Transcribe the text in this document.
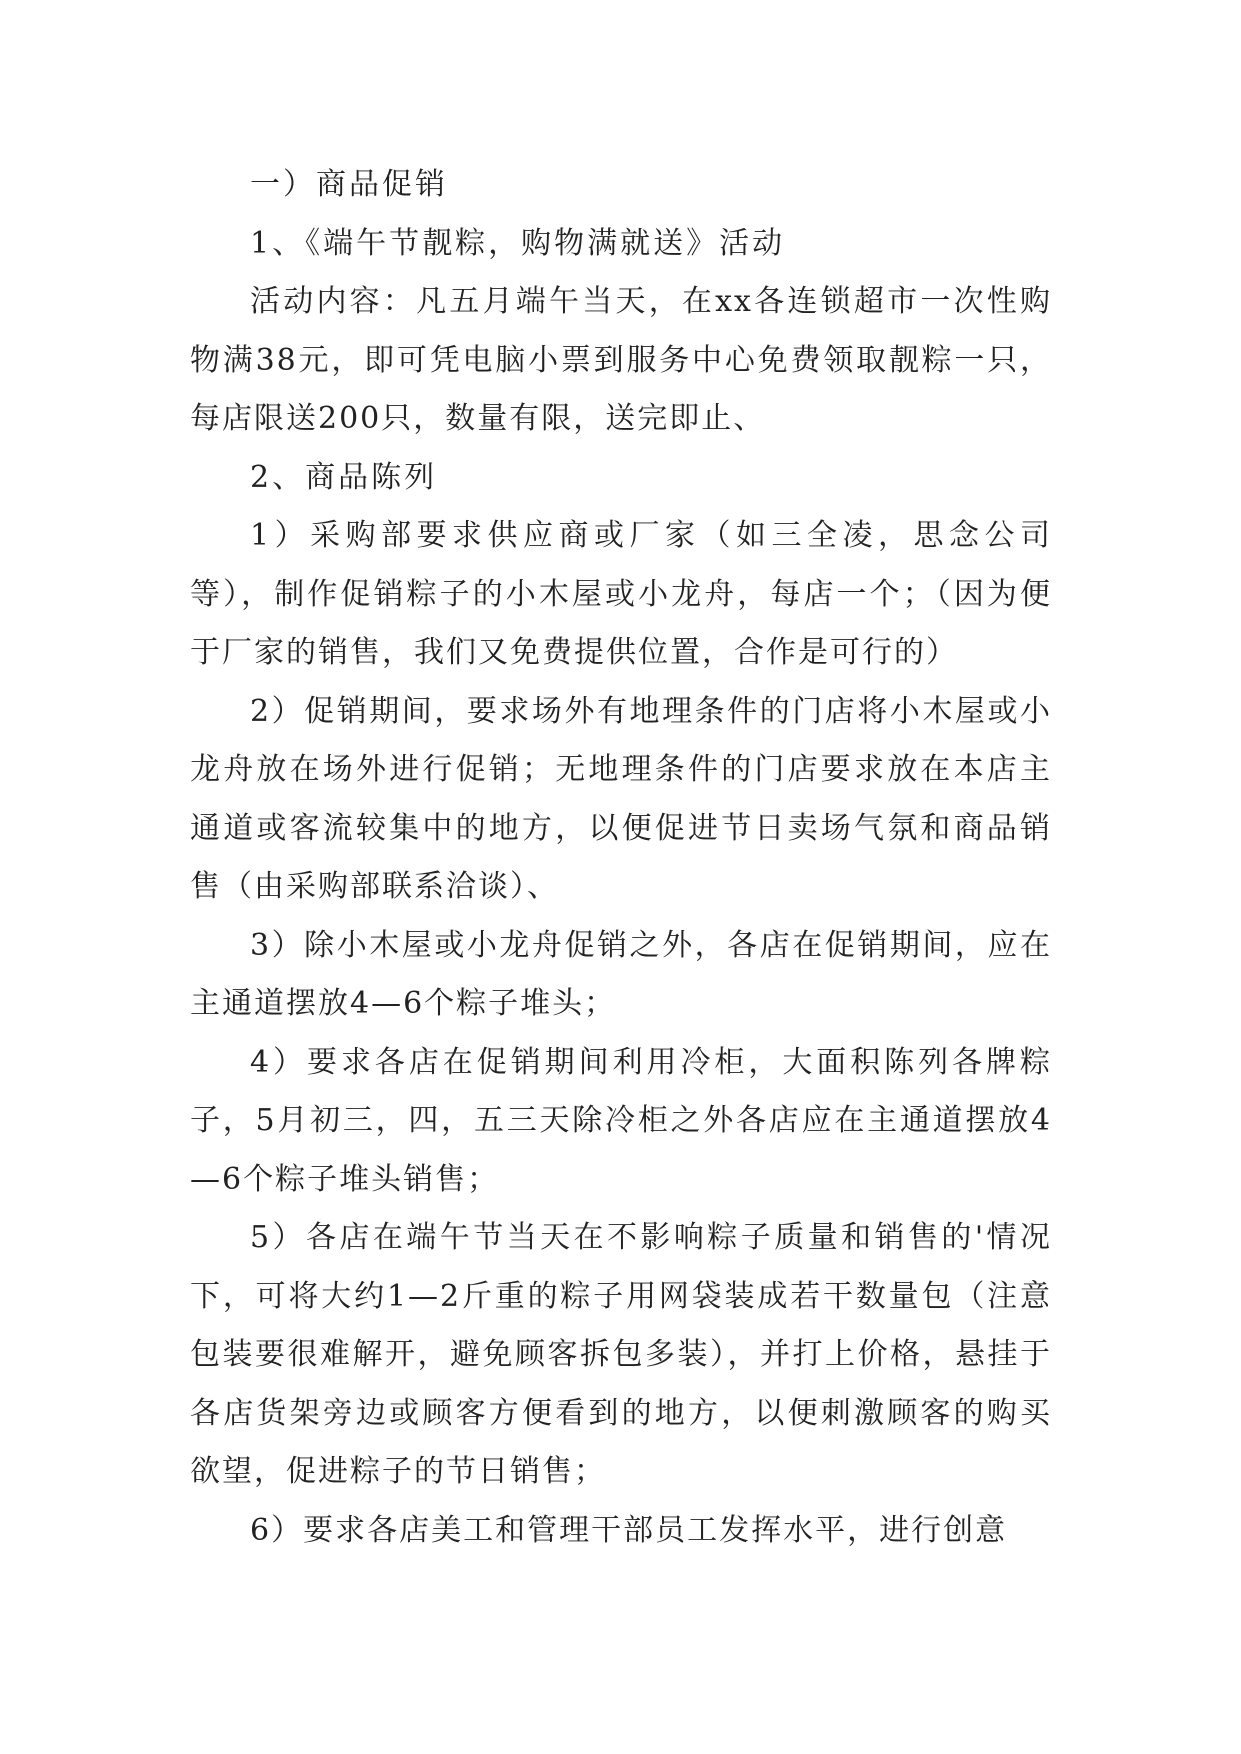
一）商品促销

1、《端午节靓粽，购物满就送》活动

活动内容：凡五月端午当天，在xx各连锁超市一次性购物满38元，即可凭电脑小票到服务中心免费领取靓粽一只，每店限送200只，数量有限，送完即止、

2、商品陈列

1）采购部要求供应商或厂家（如三全凌，思念公司等），制作促销粽子的小木屋或小龙舟，每店一个；（因为便于厂家的销售，我们又免费提供位置，合作是可行的）

2）促销期间，要求场外有地理条件的门店将小木屋或小龙舟放在场外进行促销；无地理条件的门店要求放在本店主通道或客流较集中的地方，以便促进节日卖场气氛和商品销售（由采购部联系洽谈）、

3）除小木屋或小龙舟促销之外，各店在促销期间，应在主通道摆放4—6个粽子堆头；

4）要求各店在促销期间利用冷柜，大面积陈列各牌粽子，5月初三，四，五三天除冷柜之外各店应在主通道摆放4—6个粽子堆头销售；

5）各店在端午节当天在不影响粽子质量和销售的'情况下，可将大约1—2斤重的粽子用网袋装成若干数量包（注意包装要很难解开，避免顾客拆包多装），并打上价格，悬挂于各店货架旁边或顾客方便看到的地方，以便刺激顾客的购买欲望，促进粽子的节日销售；

6）要求各店美工和管理干部员工发挥水平，进行创意
